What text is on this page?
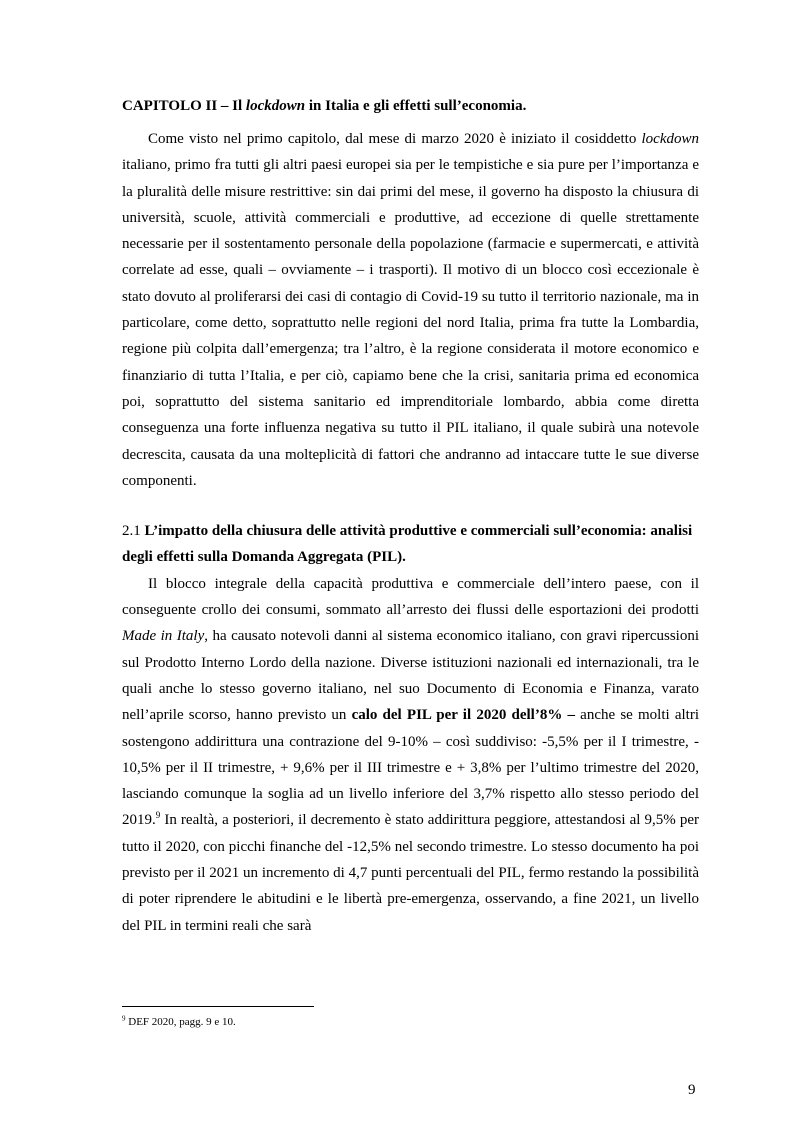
CAPITOLO II – Il lockdown in Italia e gli effetti sull’economia.

Come visto nel primo capitolo, dal mese di marzo 2020 è iniziato il cosiddetto lockdown italiano, primo fra tutti gli altri paesi europei sia per le tempistiche e sia pure per l’importanza e la pluralità delle misure restrittive: sin dai primi del mese, il governo ha disposto la chiusura di università, scuole, attività commerciali e produttive, ad eccezione di quelle strettamente necessarie per il sostentamento personale della popolazione (farmacie e supermercati, e attività correlate ad esse, quali – ovviamente – i trasporti). Il motivo di un blocco così eccezionale è stato dovuto al proliferarsi dei casi di contagio di Covid-19 su tutto il territorio nazionale, ma in particolare, come detto, soprattutto nelle regioni del nord Italia, prima fra tutte la Lombardia, regione più colpita dall’emergenza; tra l’altro, è la regione considerata il motore economico e finanziario di tutta l’Italia, e per ciò, capiamo bene che la crisi, sanitaria prima ed economica poi, soprattutto del sistema sanitario ed imprenditoriale lombardo, abbia come diretta conseguenza una forte influenza negativa su tutto il PIL italiano, il quale subirà una notevole decrescita, causata da una molteplicità di fattori che andranno ad intaccare tutte le sue diverse componenti.

2.1 L’impatto della chiusura delle attività produttive e commerciali sull’economia: analisi degli effetti sulla Domanda Aggregata (PIL).

Il blocco integrale della capacità produttiva e commerciale dell’intero paese, con il conseguente crollo dei consumi, sommato all’arresto dei flussi delle esportazioni dei prodotti Made in Italy, ha causato notevoli danni al sistema economico italiano, con gravi ripercussioni sul Prodotto Interno Lordo della nazione. Diverse istituzioni nazionali ed internazionali, tra le quali anche lo stesso governo italiano, nel suo Documento di Economia e Finanza, varato nell’aprile scorso, hanno previsto un calo del PIL per il 2020 dell’8% – anche se molti altri sostengono addirittura una contrazione del 9-10% – così suddiviso: -5,5% per il I trimestre, - 10,5% per il II trimestre, + 9,6% per il III trimestre e + 3,8% per l’ultimo trimestre del 2020, lasciando comunque la soglia ad un livello inferiore del 3,7% rispetto allo stesso periodo del 2019.$^9$ In realtà, a posteriori, il decremento è stato addirittura peggiore, attestandosi al 9,5% per tutto il 2020, con picchi finanche del -12,5% nel secondo trimestre. Lo stesso documento ha poi previsto per il 2021 un incremento di 4,7 punti percentuali del PIL, fermo restando la possibilità di poter riprendere le abitudini e le libertà pre-emergenza, osservando, a fine 2021, un livello del PIL in termini reali che sarà

$^9$ DEF 2020, pagg. 9 e 10.
9
